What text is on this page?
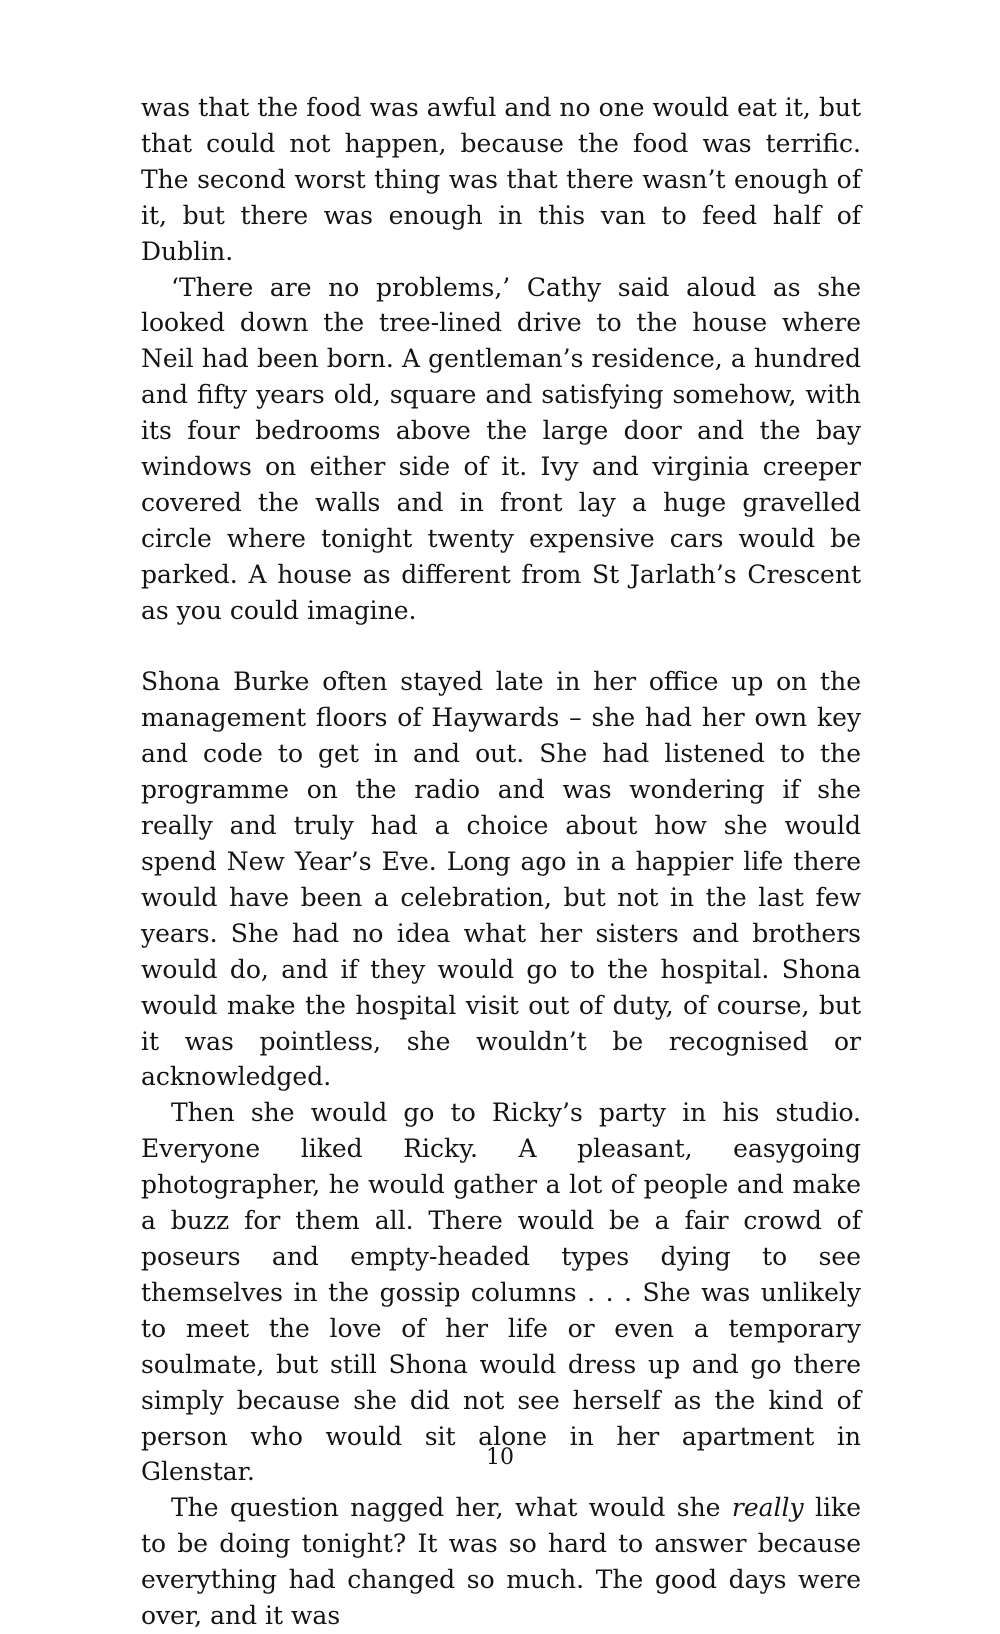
was that the food was awful and no one would eat it, but that could not happen, because the food was terrific. The second worst thing was that there wasn’t enough of it, but there was enough in this van to feed half of Dublin.

‘There are no problems,’ Cathy said aloud as she looked down the tree-lined drive to the house where Neil had been born. A gentleman’s residence, a hundred and fifty years old, square and satisfying somehow, with its four bedrooms above the large door and the bay windows on either side of it. Ivy and virginia creeper covered the walls and in front lay a huge gravelled circle where tonight twenty expensive cars would be parked. A house as different from St Jarlath’s Crescent as you could imagine.

Shona Burke often stayed late in her office up on the management floors of Haywards – she had her own key and code to get in and out. She had listened to the programme on the radio and was wondering if she really and truly had a choice about how she would spend New Year’s Eve. Long ago in a happier life there would have been a celebration, but not in the last few years. She had no idea what her sisters and brothers would do, and if they would go to the hospital. Shona would make the hospital visit out of duty, of course, but it was pointless, she wouldn’t be recognised or acknowledged.

Then she would go to Ricky’s party in his studio. Everyone liked Ricky. A pleasant, easygoing photographer, he would gather a lot of people and make a buzz for them all. There would be a fair crowd of poseurs and empty-headed types dying to see themselves in the gossip columns . . . She was unlikely to meet the love of her life or even a temporary soulmate, but still Shona would dress up and go there simply because she did not see herself as the kind of person who would sit alone in her apartment in Glenstar.

The question nagged her, what would she really like to be doing tonight? It was so hard to answer because everything had changed so much. The good days were over, and it was

10
